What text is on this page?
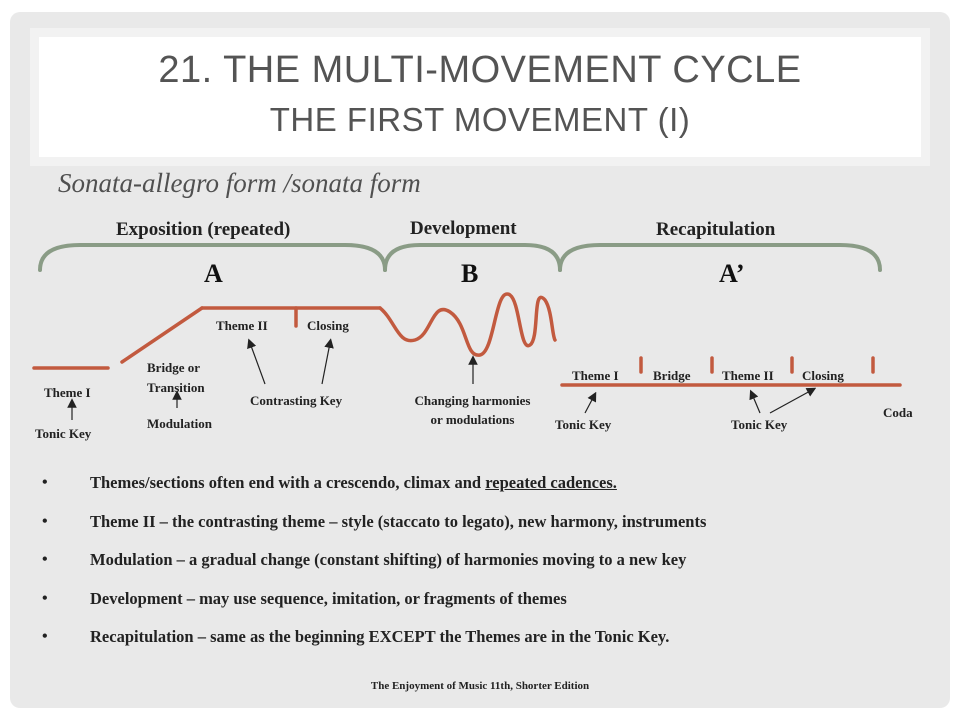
21. THE MULTI-MOVEMENT CYCLE
THE FIRST MOVEMENT (I)
Sonata-allegro form /sonata form
Exposition (repeated)	Development	Recapitulation
A	B	A’
Theme I
Tonic Key
Bridge or
Transition
Modulation
Theme II	Closing
Contrasting Key	Changing harmonies
or modulations
Theme I	Bridge Theme II Closing
Tonic Key	Tonic Key
Coda
•	Themes/sections often end with a crescendo, climax and repeated cadences.
•	Theme II – the contrasting theme – style (staccato to legato), new harmony, instruments
•	Modulation – a gradual change (constant shifting) of harmonies moving to a new key
•	Development – may use sequence, imitation, or fragments of themes
•	Recapitulation – same as the beginning EXCEPT the Themes are in the Tonic Key.
The Enjoyment of Music 11th, Shorter Edition
